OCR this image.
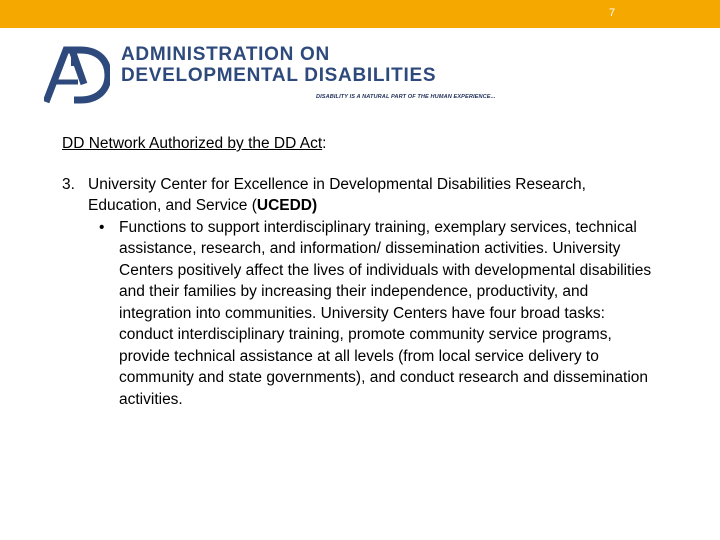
7
ADMINISTRATION ON
DEVELOPMENTAL DISABILITIES
DISABILITY IS A NATURAL PART OF THE HUMAN EXPERIENCE...
DD Network Authorized by the DD Act:
3. University Center for Excellence in Developmental Disabilities Research, Education, and Service (UCEDD)
• Functions to support interdisciplinary training, exemplary services, technical assistance, research, and information/ dissemination activities. University Centers positively affect the lives of individuals with developmental disabilities and their families by increasing their independence, productivity, and integration into communities. University Centers have four broad tasks: conduct interdisciplinary training, promote community service programs, provide technical assistance at all levels (from local service delivery to community and state governments), and conduct research and dissemination activities.
